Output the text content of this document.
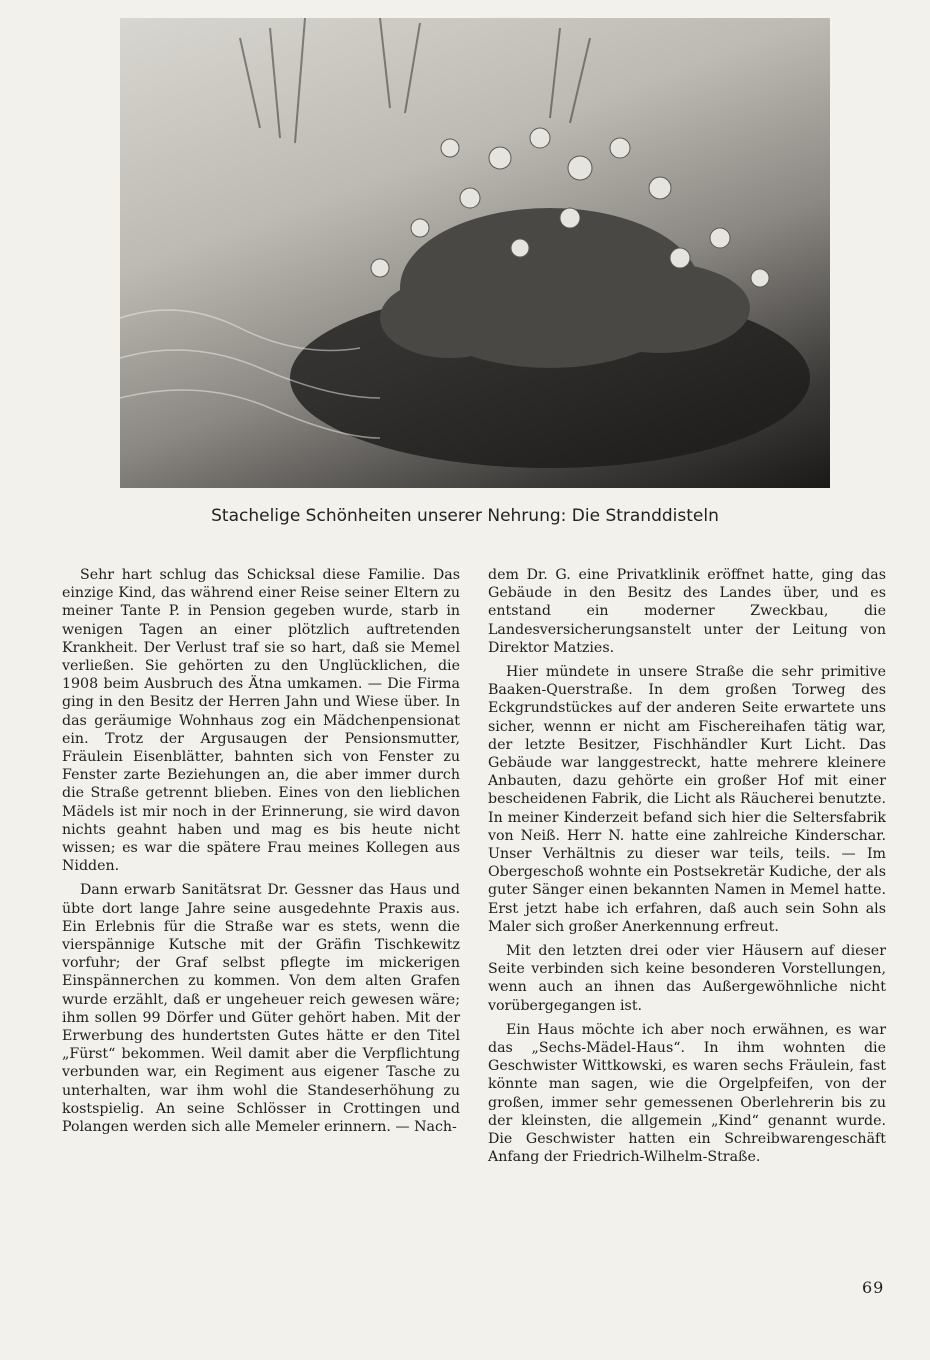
Stachelige Schönheiten unserer Nehrung: Die Stranddisteln

Sehr hart schlug das Schicksal diese Familie. Das einzige Kind, das während einer Reise seiner Eltern zu meiner Tante P. in Pension gegeben wurde, starb in wenigen Tagen an einer plötzlich auftretenden Krankheit. Der Verlust traf sie so hart, daß sie Memel verließen. Sie gehörten zu den Unglücklichen, die 1908 beim Ausbruch des Ätna umkamen. — Die Firma ging in den Besitz der Herren Jahn und Wiese über. In das geräumige Wohnhaus zog ein Mädchenpensionat ein. Trotz der Argusaugen der Pensionsmutter, Fräulein Eisenblätter, bahnten sich von Fenster zu Fenster zarte Beziehungen an, die aber immer durch die Straße getrennt blieben. Eines von den lieblichen Mädels ist mir noch in der Erinnerung, sie wird davon nichts geahnt haben und mag es bis heute nicht wissen; es war die spätere Frau meines Kollegen aus Nidden.

Dann erwarb Sanitätsrat Dr. Gessner das Haus und übte dort lange Jahre seine ausgedehnte Praxis aus. Ein Erlebnis für die Straße war es stets, wenn die vierspännige Kutsche mit der Gräfin Tischkewitz vorfuhr; der Graf selbst pflegte im mickerigen Einspännerchen zu kommen. Von dem alten Grafen wurde erzählt, daß er ungeheuer reich gewesen wäre; ihm sollen 99 Dörfer und Güter gehört haben. Mit der Erwerbung des hundertsten Gutes hätte er den Titel „Fürst“ bekommen. Weil damit aber die Verpflichtung verbunden war, ein Regiment aus eigener Tasche zu unterhalten, war ihm wohl die Standeserhöhung zu kostspielig. An seine Schlösser in Crottingen und Polangen werden sich alle Memeler erinnern. — Nach-

dem Dr. G. eine Privatklinik eröffnet hatte, ging das Gebäude in den Besitz des Landes über, und es entstand ein moderner Zweckbau, die Landesversicherungsanstelt unter der Leitung von Direktor Matzies.

Hier mündete in unsere Straße die sehr primitive Baaken-Querstraße. In dem großen Torweg des Eckgrundstückes auf der anderen Seite erwartete uns sicher, wennn er nicht am Fischereihafen tätig war, der letzte Besitzer, Fischhändler Kurt Licht. Das Gebäude war langgestreckt, hatte mehrere kleinere Anbauten, dazu gehörte ein großer Hof mit einer bescheidenen Fabrik, die Licht als Räucherei benutzte. In meiner Kinderzeit befand sich hier die Seltersfabrik von Neiß. Herr N. hatte eine zahlreiche Kinderschar. Unser Verhältnis zu dieser war teils, teils. — Im Obergeschoß wohnte ein Postsekretär Kudiche, der als guter Sänger einen bekannten Namen in Memel hatte. Erst jetzt habe ich erfahren, daß auch sein Sohn als Maler sich großer Anerkennung erfreut.

Mit den letzten drei oder vier Häusern auf dieser Seite verbinden sich keine besonderen Vorstellungen, wenn auch an ihnen das Außergewöhnliche nicht vorübergegangen ist.

Ein Haus möchte ich aber noch erwähnen, es war das „Sechs-Mädel-Haus“. In ihm wohnten die Geschwister Wittkowski, es waren sechs Fräulein, fast könnte man sagen, wie die Orgelpfeifen, von der großen, immer sehr gemessenen Oberlehrerin bis zu der kleinsten, die allgemein „Kind“ genannt wurde. Die Geschwister hatten ein Schreibwarengeschäft Anfang der Friedrich-Wilhelm-Straße.

69
